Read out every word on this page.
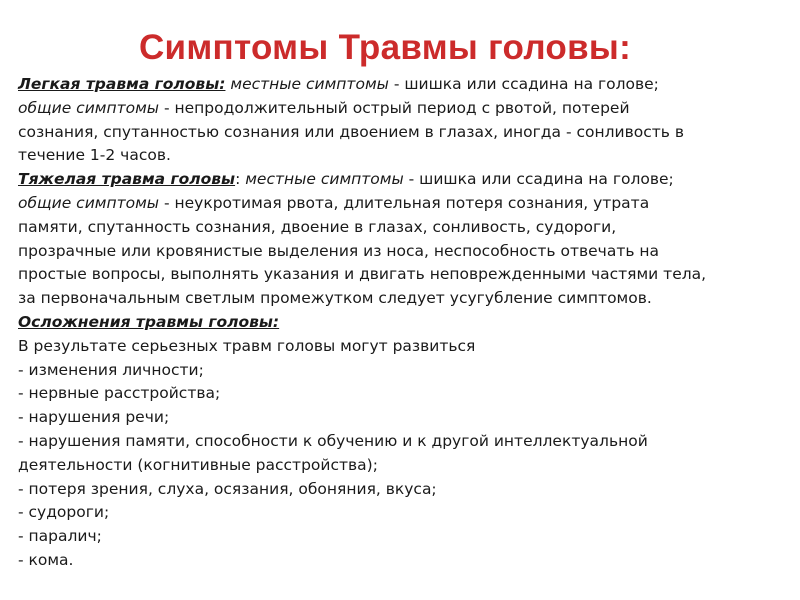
Симптомы Травмы головы:
Легкая травма головы: местные симптомы - шишка или ссадина на голове;
общие симптомы - непродолжительный острый период с рвотой, потерей
сознания, спутанностью сознания или двоением в глазах, иногда - сонливость в
течение 1-2 часов.
Тяжелая травма головы: местные симптомы - шишка или ссадина на голове;
общие симптомы - неукротимая рвота, длительная потеря сознания, утрата
памяти, спутанность сознания, двоение в глазах, сонливость, судороги,
прозрачные или кровянистые выделения из носа, неспособность отвечать на
простые вопросы, выполнять указания и двигать неповрежденными частями тела,
за первоначальным светлым промежутком следует усугубление симптомов.
Осложнения травмы головы:
В результате серьезных травм головы могут развиться
- изменения личности;
- нервные расстройства;
- нарушения речи;
- нарушения памяти, способности к обучению и к другой интеллектуальной
деятельности (когнитивные расстройства);
- потеря зрения, слуха, осязания, обоняния, вкуса;
- судороги;
- паралич;
- кома.
